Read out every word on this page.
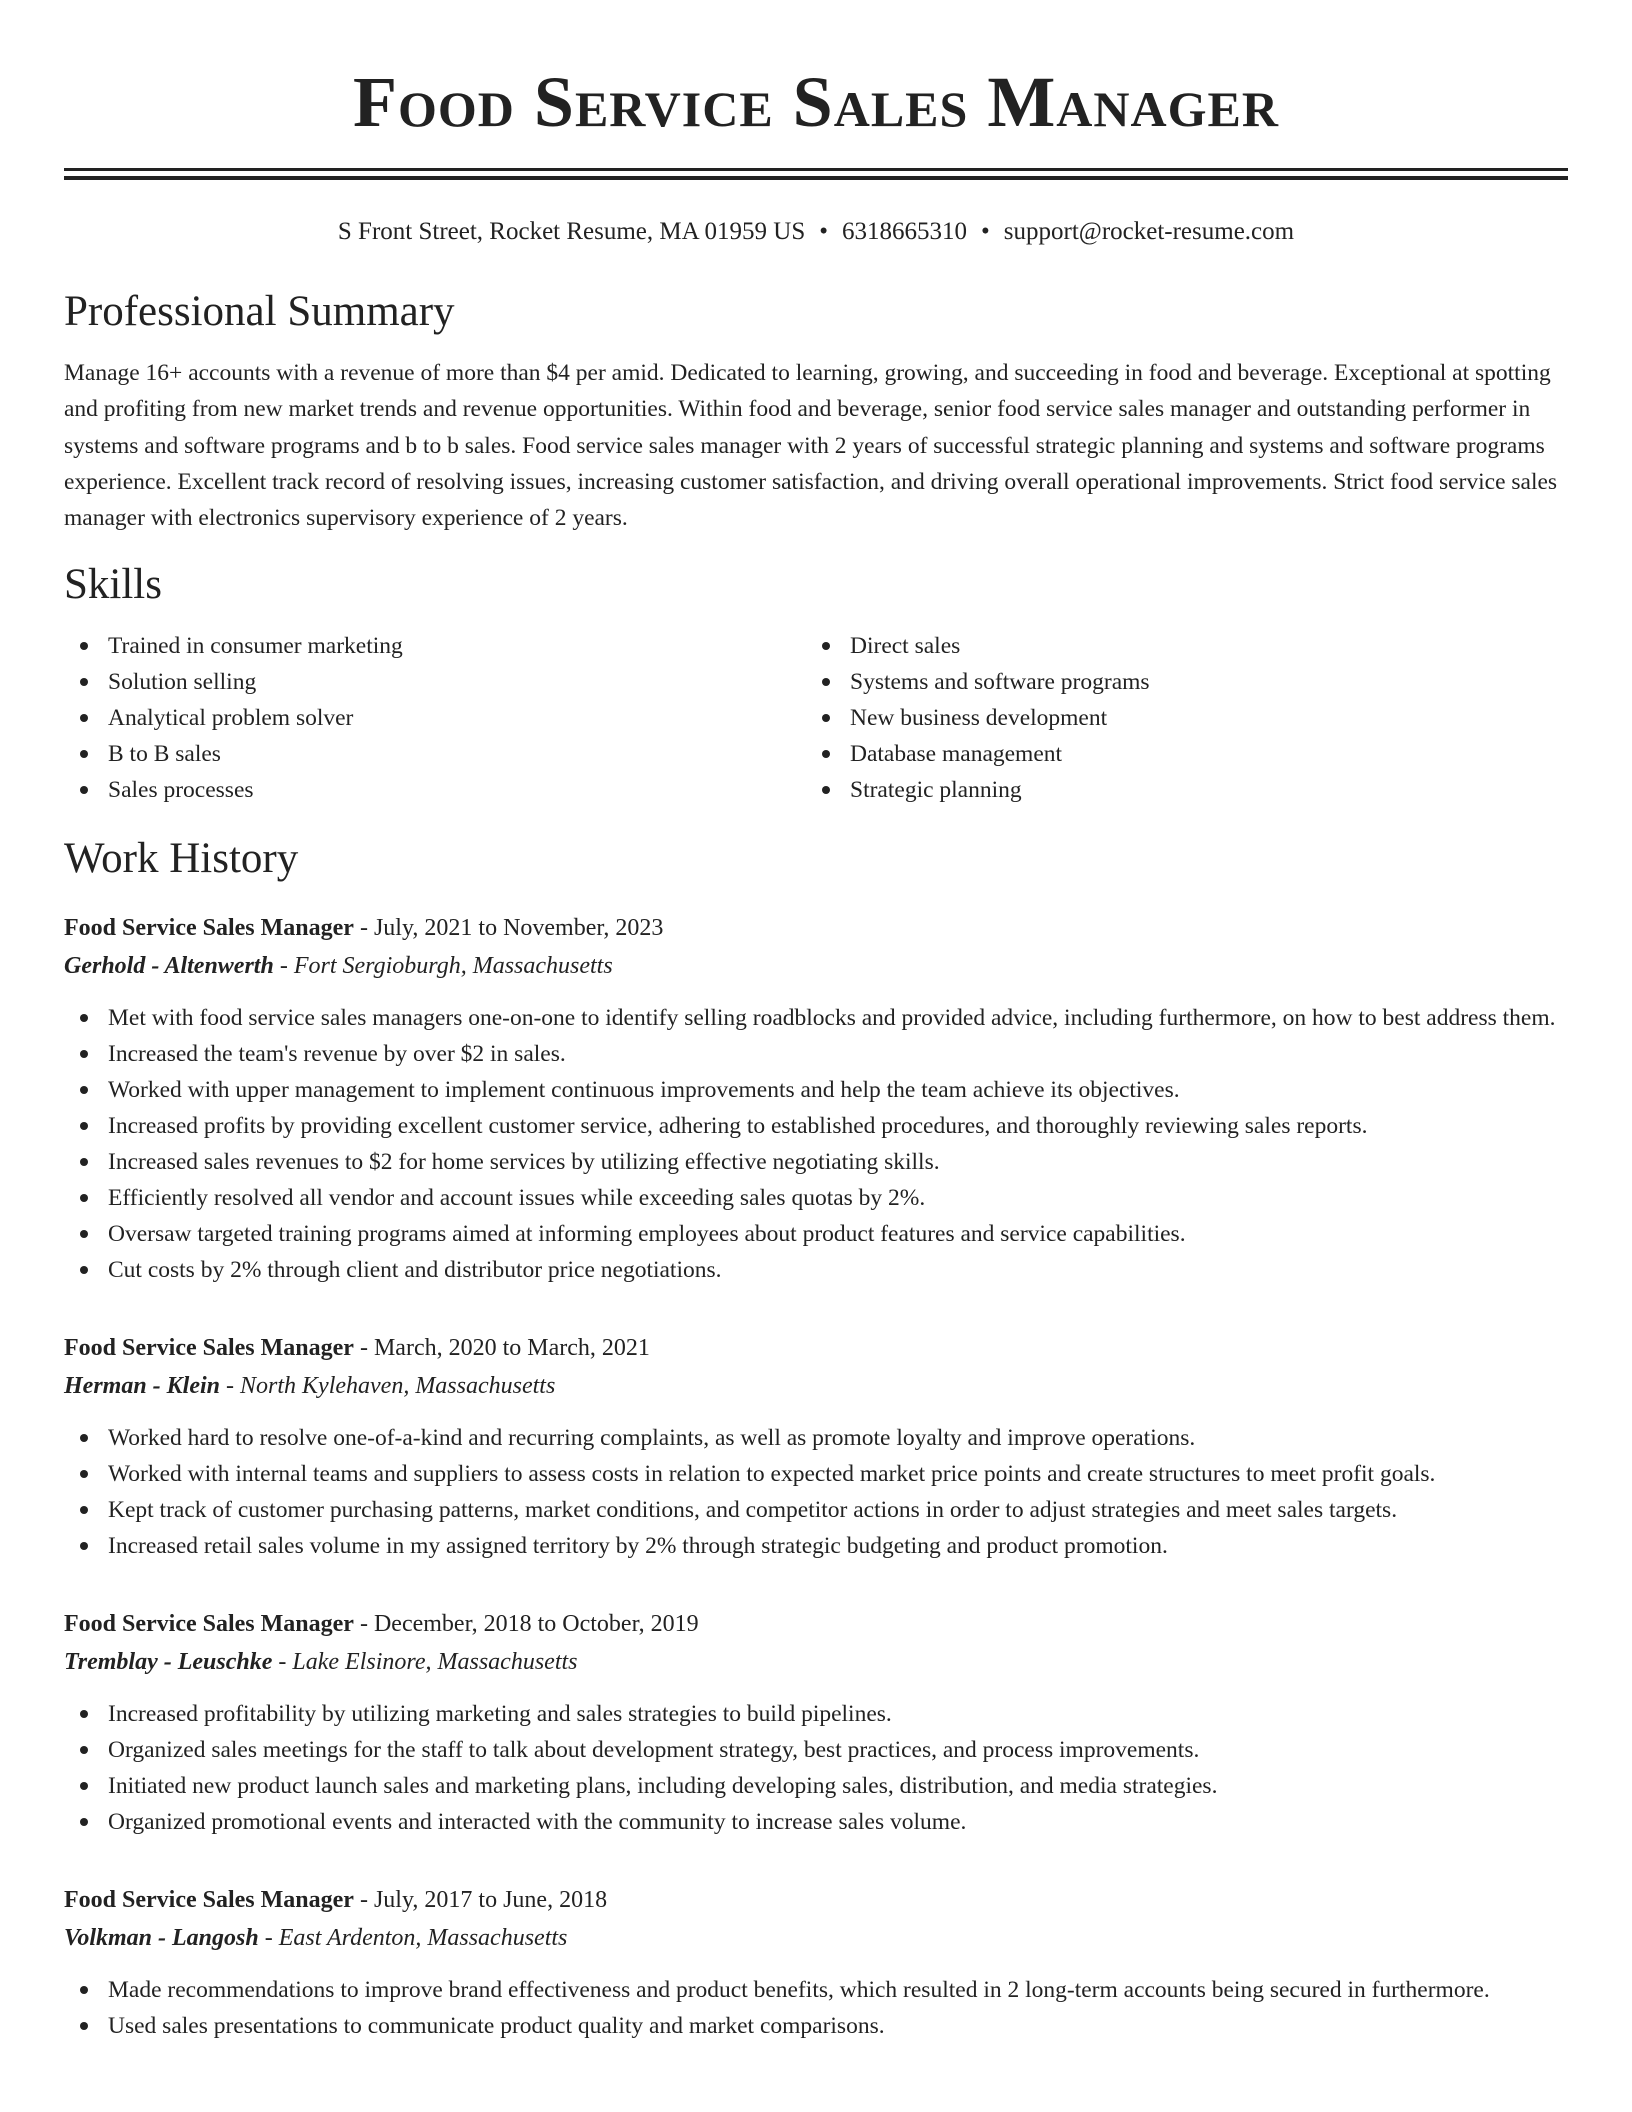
Food Service Sales Manager
S Front Street, Rocket Resume, MA 01959 US • 6318665310 • support@rocket-resume.com
Professional Summary

Manage 16+ accounts with a revenue of more than $4 per amid. Dedicated to learning, growing, and succeeding in food and beverage. Exceptional at spotting and profiting from new market trends and revenue opportunities. Within food and beverage, senior food service sales manager and outstanding performer in systems and software programs and b to b sales. Food service sales manager with 2 years of successful strategic planning and systems and software programs experience. Excellent track record of resolving issues, increasing customer satisfaction, and driving overall operational improvements. Strict food service sales manager with electronics supervisory experience of 2 years.

Skills
Trained in consumer marketing
Solution selling
Analytical problem solver
B to B sales
Sales processes
Direct sales
Systems and software programs
New business development
Database management
Strategic planning
Work History
Food Service Sales Manager - July, 2021 to November, 2023
Gerhold - Altenwerth - Fort Sergioburgh, Massachusetts
Met with food service sales managers one-on-one to identify selling roadblocks and provided advice, including furthermore, on how to best address them.
Increased the team's revenue by over $2 in sales.
Worked with upper management to implement continuous improvements and help the team achieve its objectives.
Increased profits by providing excellent customer service, adhering to established procedures, and thoroughly reviewing sales reports.
Increased sales revenues to $2 for home services by utilizing effective negotiating skills.
Efficiently resolved all vendor and account issues while exceeding sales quotas by 2%.
Oversaw targeted training programs aimed at informing employees about product features and service capabilities.
Cut costs by 2% through client and distributor price negotiations.
Food Service Sales Manager - March, 2020 to March, 2021
Herman - Klein - North Kylehaven, Massachusetts
Worked hard to resolve one-of-a-kind and recurring complaints, as well as promote loyalty and improve operations.
Worked with internal teams and suppliers to assess costs in relation to expected market price points and create structures to meet profit goals.
Kept track of customer purchasing patterns, market conditions, and competitor actions in order to adjust strategies and meet sales targets.
Increased retail sales volume in my assigned territory by 2% through strategic budgeting and product promotion.
Food Service Sales Manager - December, 2018 to October, 2019
Tremblay - Leuschke - Lake Elsinore, Massachusetts
Increased profitability by utilizing marketing and sales strategies to build pipelines.
Organized sales meetings for the staff to talk about development strategy, best practices, and process improvements.
Initiated new product launch sales and marketing plans, including developing sales, distribution, and media strategies.
Organized promotional events and interacted with the community to increase sales volume.
Food Service Sales Manager - July, 2017 to June, 2018
Volkman - Langosh - East Ardenton, Massachusetts
Made recommendations to improve brand effectiveness and product benefits, which resulted in 2 long-term accounts being secured in furthermore.
Used sales presentations to communicate product quality and market comparisons.
